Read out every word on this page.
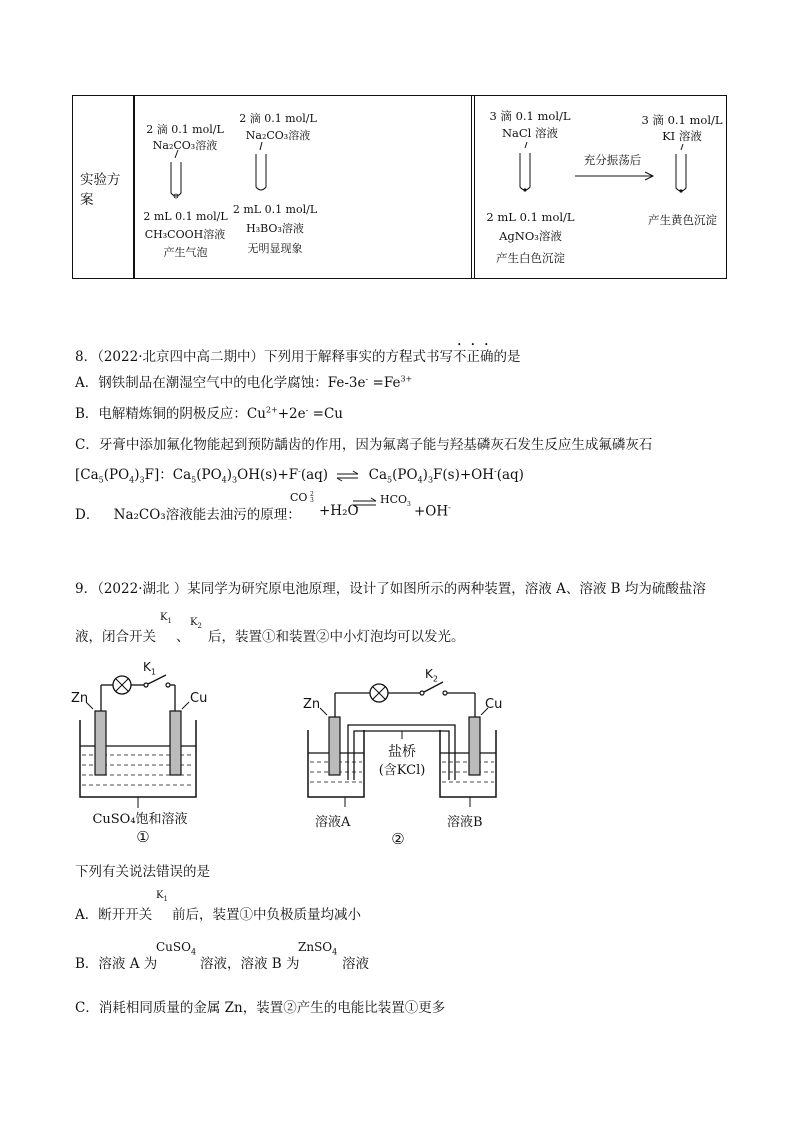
实验方案
2 滴 0.1 mol/L
Na₂CO₃溶液
2 滴 0.1 mol/L
Na₂CO₃溶液
2 mL 0.1 mol/L
CH₃COOH溶液
产生气泡
2 mL 0.1 mol/L
H₃BO₃溶液
无明显现象
3 滴 0.1 mol/L
NaCl 溶液
充分振荡后
3 滴 0.1 mol/L
KI 溶液
2 mL 0.1 mol/L
AgNO₃溶液
产生白色沉淀
产生黄色沉淀
8．（2022·北京四中高二期中）下列用于解释事实的方程式书写不正确的是
A．钢铁制品在潮湿空气中的电化学腐蚀：$Fe-3e^- =Fe^{3+}$
B．电解精炼铜的阴极反应：$Cu^{2+}+2e^- =Cu$
C．牙膏中添加氟化物能起到预防龋齿的作用，因为氟离子能与羟基磷灰石发生反应生成氟磷灰石
$[Ca_5(PO_4)_3F]$：$Ca_5(PO_4)_3OH(s)+F^-(aq)$ ⇌ $Ca_5(PO_4)_3F(s)+OH^-(aq)$
D． Na₂CO₃溶液能去油污的原理：
CO 2
3
+H₂O
⇌ $HCO_3 +OH^-$
9．（2022·湖北 ）某同学为研究原电池原理，设计了如图所示的两种装置，溶液 A、溶液 B 均为硫酸盐溶
液，闭合开关
$K_1$
、
$K_2$
后，装置①和装置②中小灯泡均可以发光。
$K_1$
Zn	Cu
CuSO₄饱和溶液
①
$K_2$
Zn	Cu
盐桥
(含KCl)
溶液A	溶液B
②
下列有关说法错误的是
A．断开开关
$K_1$
前后，装置①中负极质量均减小
B．溶液 A 为
CuSO$_4$
溶液，溶液 B 为
ZnSO$_4$
溶液
C．消耗相同质量的金属 Zn，装置②产生的电能比装置①更多
